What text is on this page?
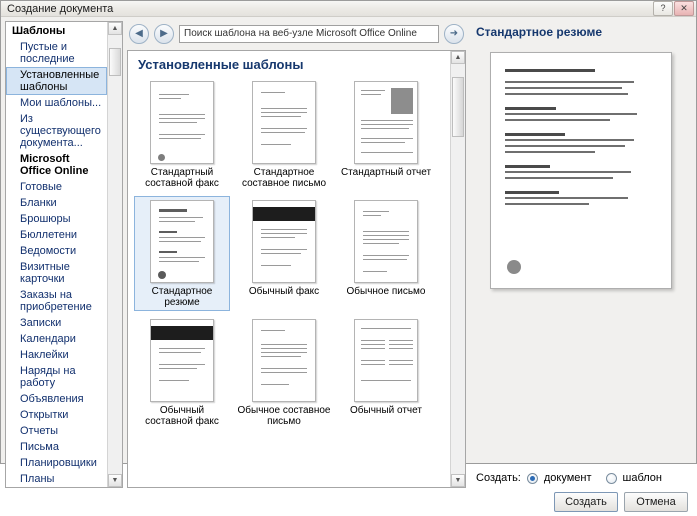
Создание документа	?	✕
Шаблоны
Пустые и последние
Установленные шаблоны
Мои шаблоны...
Из существующего документа...
Microsoft Office Online
Готовые
Бланки
Брошюры
Бюллетени
Ведомости
Визитные карточки
Заказы на приобретение
Записки
Календари
Наклейки
Наряды на работу
Объявления
Открытки
Отчеты
Письма
Планировщики
Планы
▲
▼
◀	▶	Поиск шаблона на веб-узле Microsoft Office Online	➜
Установленные шаблоны
Стандартный составной факс
Стандартное составное письмо
Стандартный отчет
Стандартное резюме
Обычный факс	Обычное письмо
Обычный составной факс
Обычное составное письмо
Обычный отчет
▲
▼
Стандартное резюме
Создать: документ	шаблон
Создать	Отмена
